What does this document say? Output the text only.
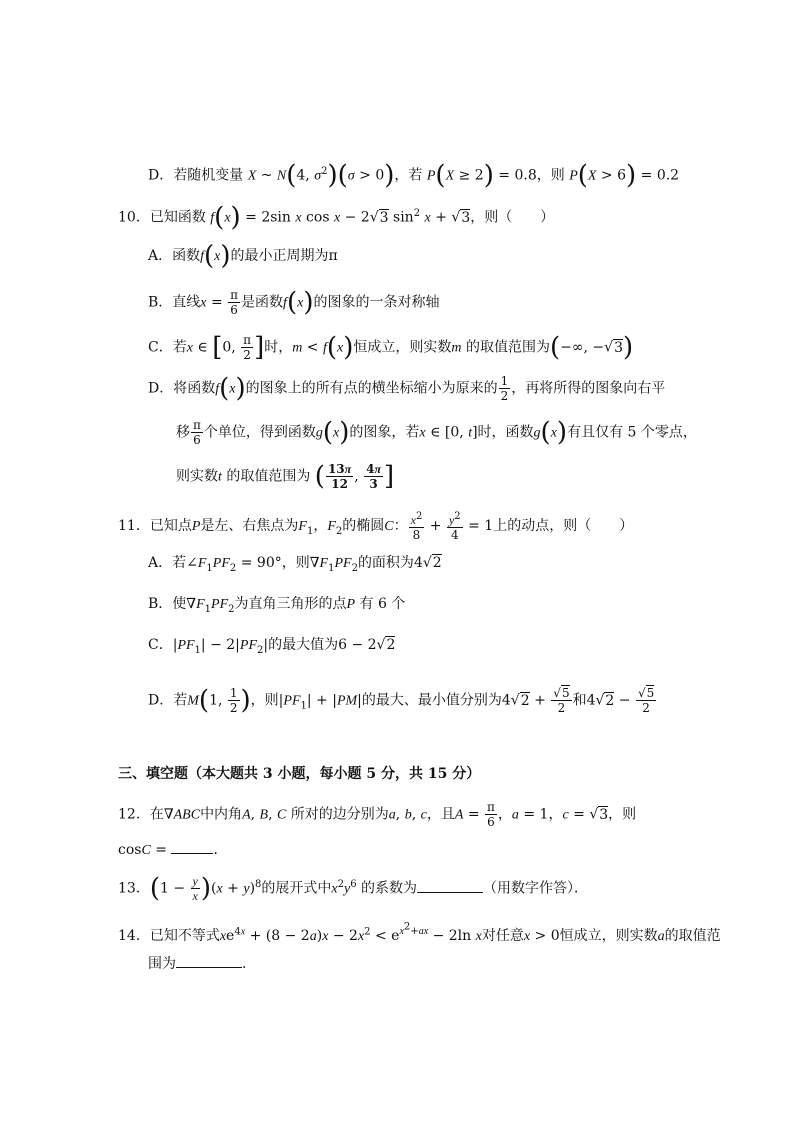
D．若随机变量 X ~ N(4, $\sigma^2)(\sigma > 0)$，若 P(X ≥ 2) = 0.8，则 P(X > 6) = 0.2
10．已知函数 f(x) = 2sin x cos x − 2√3 $\sin^2 x + √3$，则（　　）
A．函数f(x)的最小正周期为π
B．直线$x = \frac{\pi}{6}$ 是函数f(x)的图象的一条对称轴
C．若x ∈ [0, $\frac{\pi}{2}$ ]时，m < f(x)恒成立，则实数m 的取值范围为(−∞, −√3)
D．将函数f(x)的图象上的所有点的横坐标缩小为原来的 $\frac{1}{2}$ ，再将所得的图象向右平
移 $\frac{\pi}{6}$ 个单位，得到函数g(x)的图象，若x ∈ [0, t]时，函数g(x)有且仅有 5 个零点，
则实数t 的取值范围为 ( $\frac{13\pi}{12}$ , $\frac{4\pi}{3}$ ]
11．已知点P是左、右焦点为$F_1$，$F_2$的椭圆C： $\frac{x^2}{8} + \frac{y^2}{4} = 1$上的动点，则（　　）
A．若$\angle F_1PF_2 = 90^\circ$，则$\nabla F_1PF_2$的面积为4√2
B．使$\nabla F_1PF_2$为直角三角形的点P 有 6 个
C．$|PF_1| - 2|PF_2|$的最大值为6 − 2√2
D．若M(1, $\frac{1}{2}$ )，则$|PF_1| + |PM|$的最大、最小值分别为$4√2 + \frac{√5}{2}$ 和$4√2 - \frac{√5}{2}$
三、填空题（本大题共 3 小题，每小题 5 分，共 15 分）
12．在∇ABC中内角A, B, C 所对的边分别为a, b, c，且$A = \frac{\pi}{6}$ ，a = 1，c = √3，则
cosC =	．
13．$(1 - \frac{y}{x} )(x + y)^8$的展开式中$x^2y^6$ 的系数为	（用数字作答）．
14．已知不等式$xe^{4x} + (8 - 2a)x - 2x^2 < e^{x^2+ax} - 2\ln$ x对任意x > 0恒成立，则实数a的取值范
围为	.
